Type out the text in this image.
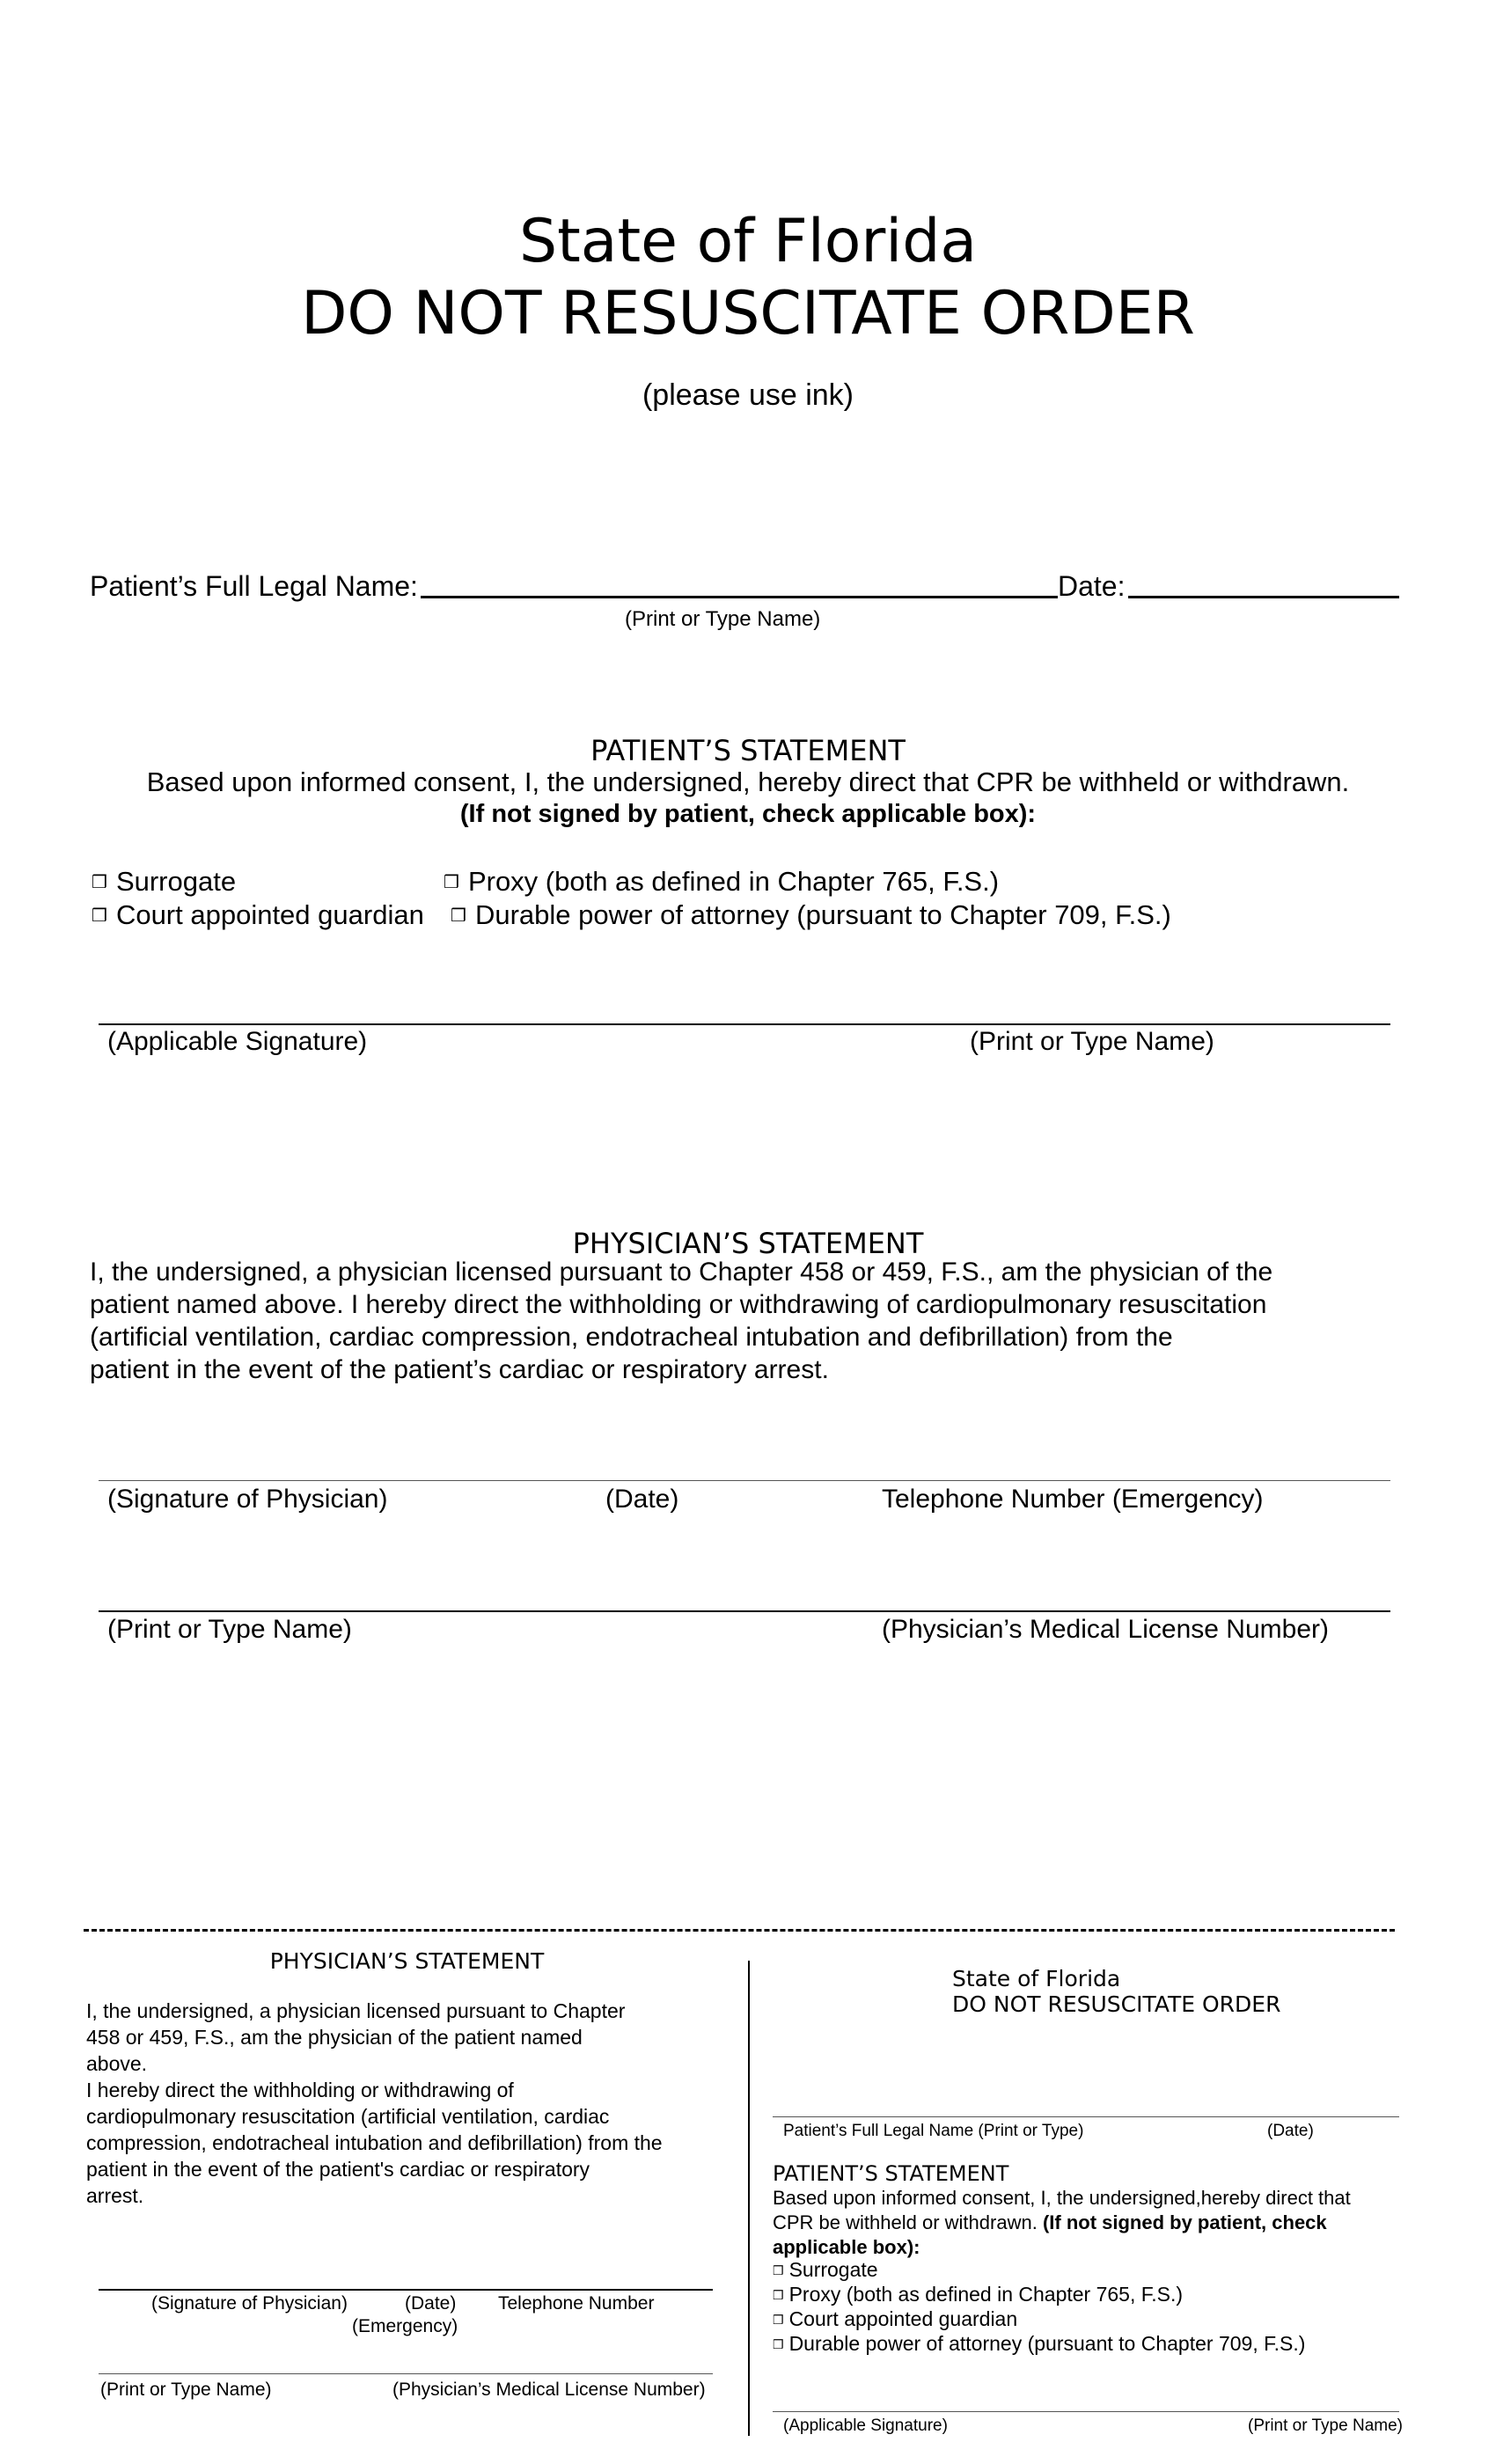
State of Florida
DO NOT RESUSCITATE ORDER
(please use ink)
Patient’s Full Legal Name:	Date:
(Print or Type Name)
PATIENT’S STATEMENT
Based upon informed consent, I, the undersigned, hereby direct that CPR be withheld or withdrawn.
(If not signed by patient, check applicable box):
❒ Surrogate	❒ Proxy (both as defined in Chapter 765, F.S.)
❒ Court appointed guardian ❒ Durable power of attorney (pursuant to Chapter 709, F.S.)
(Applicable Signature)	(Print or Type Name)
PHYSICIAN’S STATEMENT
I, the undersigned, a physician licensed pursuant to Chapter 458 or 459, F.S., am the physician of the
patient named above. I hereby direct the withholding or withdrawing of cardiopulmonary resuscitation
(artificial ventilation, cardiac compression, endotracheal intubation and defibrillation) from the
patient in the event of the patient’s cardiac or respiratory arrest.
(Signature of Physician)	(Date)	Telephone Number (Emergency)
(Print or Type Name)	(Physician’s Medical License Number)
PHYSICIAN’S STATEMENT
I, the undersigned, a physician licensed pursuant to Chapter
458 or 459, F.S., am the physician of the patient named
above.
I hereby direct the withholding or withdrawing of
cardiopulmonary resuscitation (artificial ventilation, cardiac
compression, endotracheal intubation and defibrillation) from the
patient in the event of the patient's cardiac or respiratory
arrest.
(Signature of Physician)	(Date) Telephone Number
(Emergency)
(Print or Type Name)	(Physician’s Medical License Number)
State of Florida
DO NOT RESUSCITATE ORDER
Patient’s Full Legal Name (Print or Type)	(Date)
PATIENT’S STATEMENT
Based upon informed consent, I, the undersigned,hereby direct that
CPR be withheld or withdrawn. (If not signed by patient, check
applicable box):
❒ Surrogate
❒ Proxy (both as defined in Chapter 765, F.S.)
❒ Court appointed guardian
❒ Durable power of attorney (pursuant to Chapter 709, F.S.)
(Applicable Signature)	(Print or Type Name)
